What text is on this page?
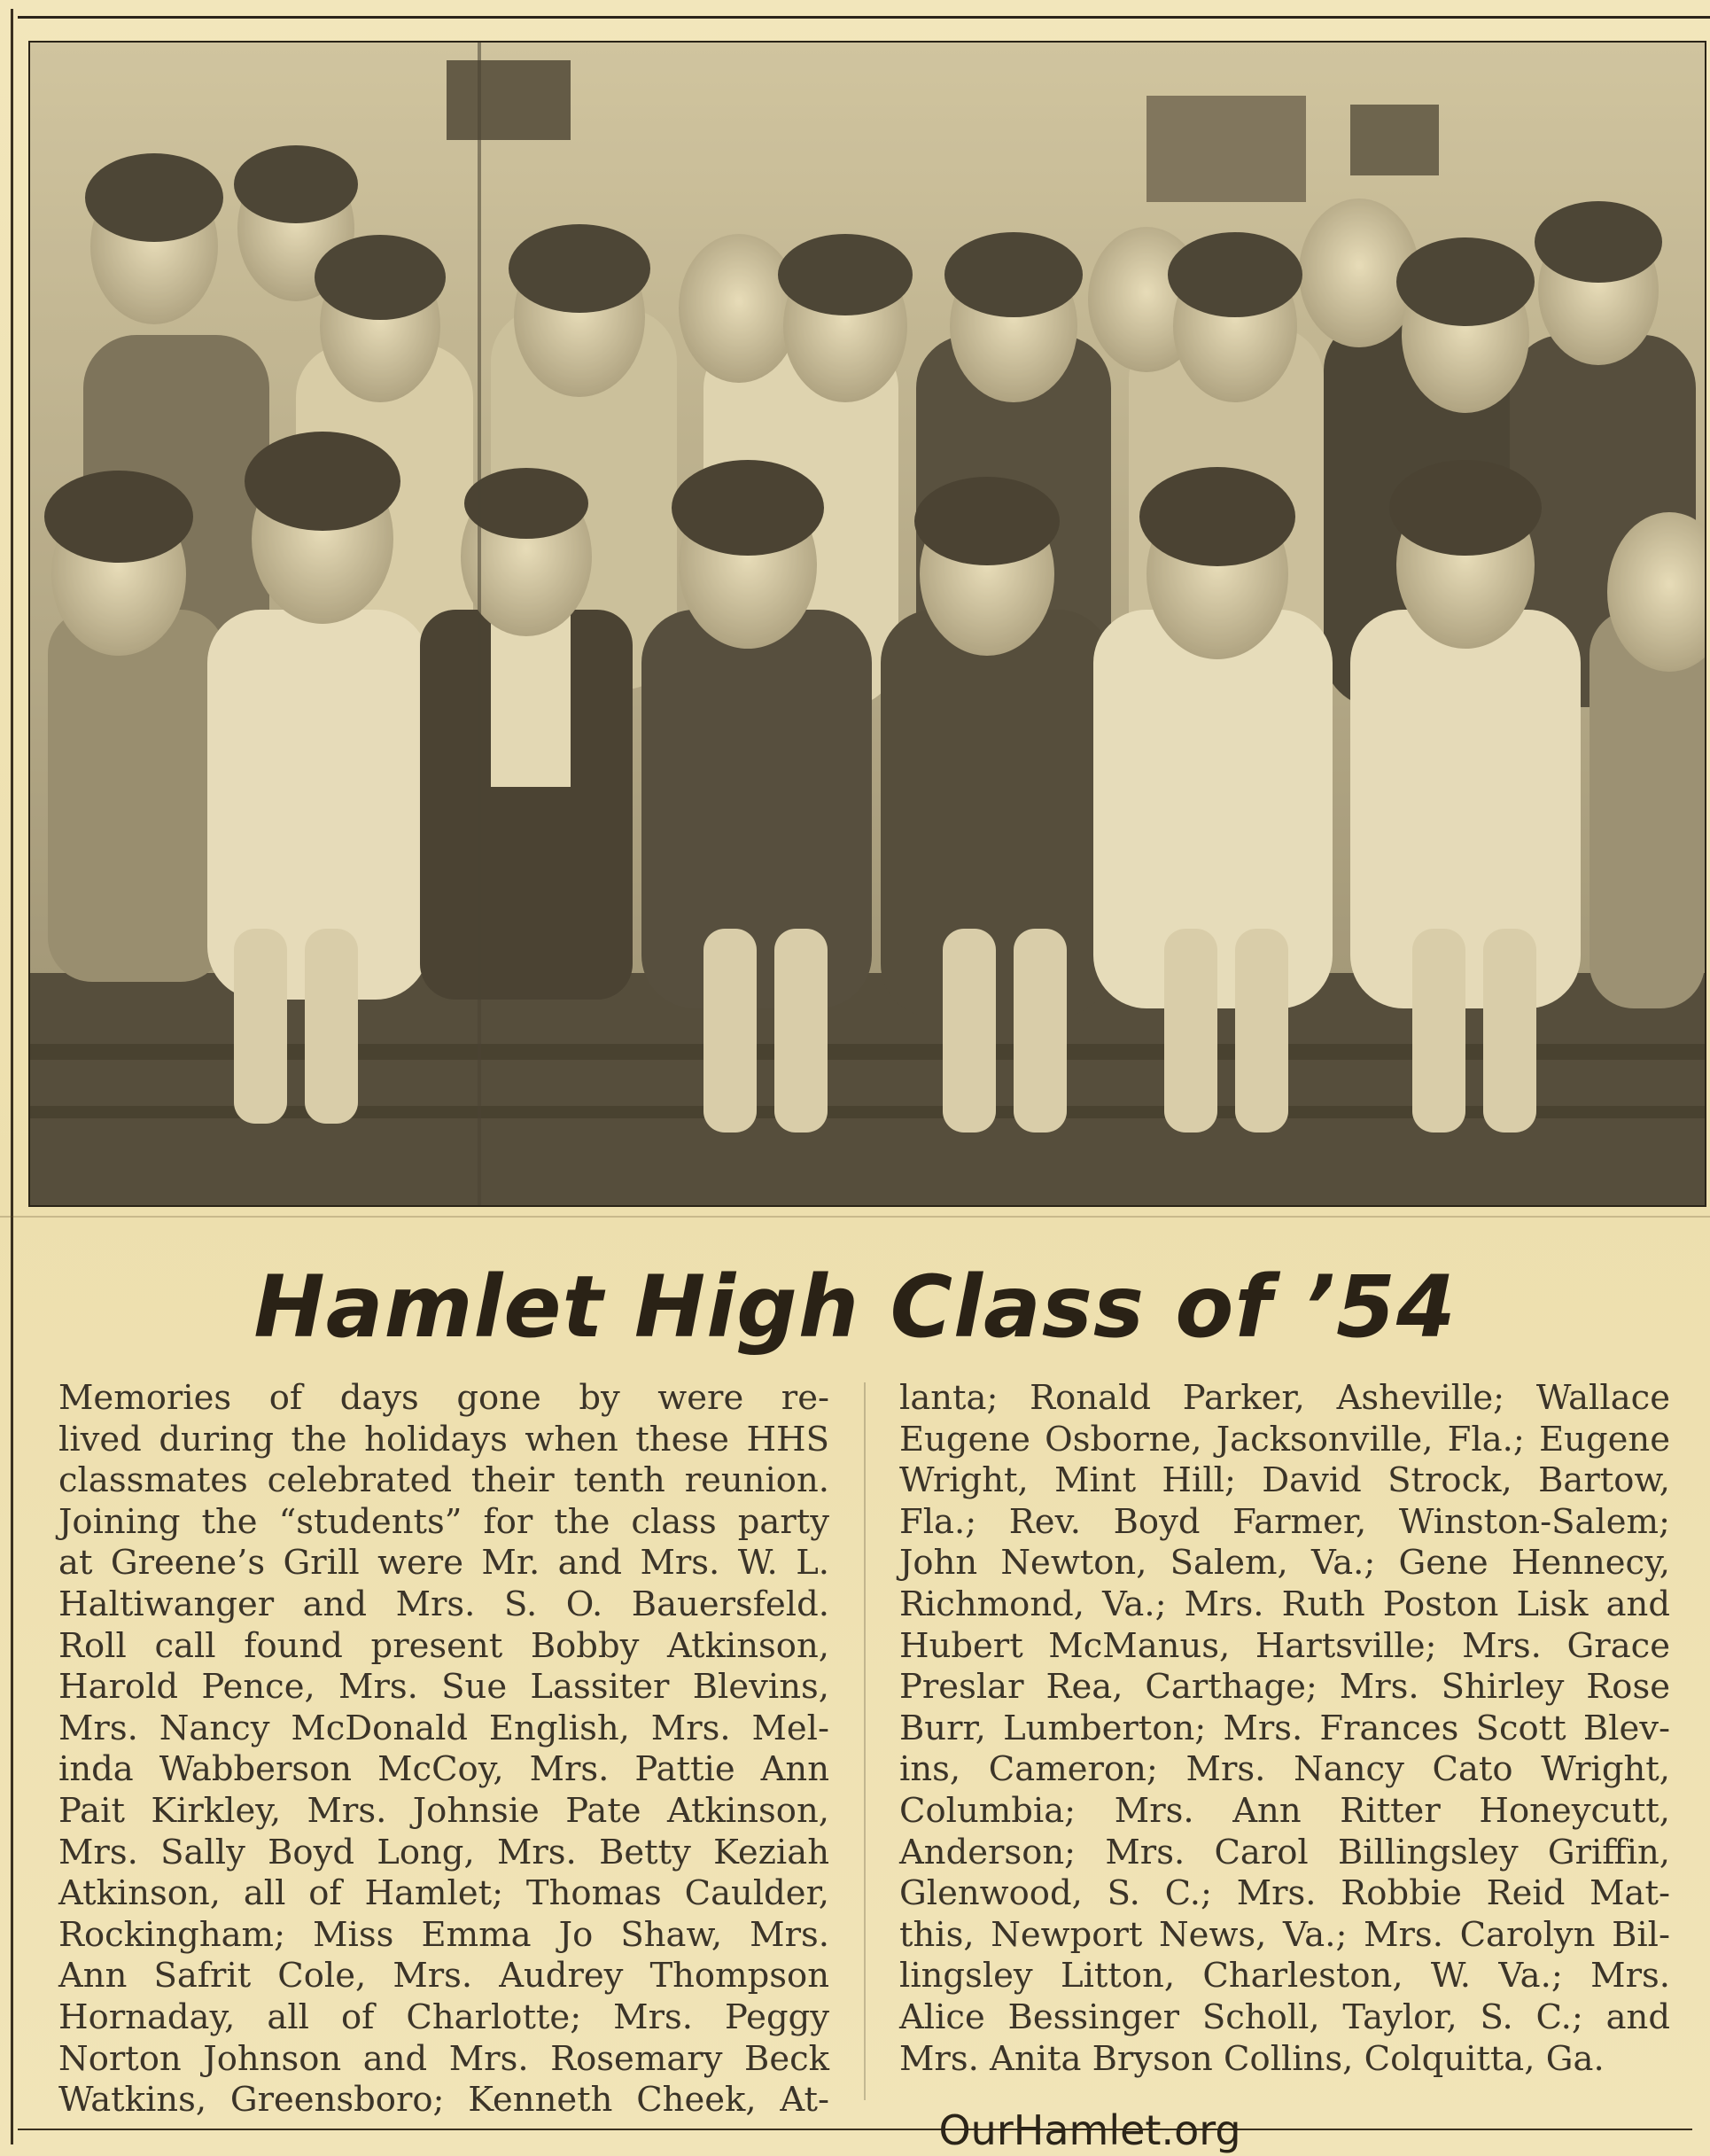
Hamlet High Class of ’54
Memories of days gone by were re-
lived during the holidays when these HHS
classmates celebrated their tenth reunion.
Joining the “students” for the class party
at Greene’s Grill were Mr. and Mrs. W. L.
Haltiwanger and Mrs. S. O. Bauersfeld.
Roll call found present Bobby Atkinson,
Harold Pence, Mrs. Sue Lassiter Blevins,
Mrs. Nancy McDonald English, Mrs. Mel-
inda Wabberson McCoy, Mrs. Pattie Ann
Pait Kirkley, Mrs. Johnsie Pate Atkinson,
Mrs. Sally Boyd Long, Mrs. Betty Keziah
Atkinson, all of Hamlet; Thomas Caulder,
Rockingham; Miss Emma Jo Shaw, Mrs.
Ann Safrit Cole, Mrs. Audrey Thompson
Hornaday, all of Charlotte; Mrs. Peggy
Norton Johnson and Mrs. Rosemary Beck
Watkins, Greensboro; Kenneth Cheek, At-
lanta; Ronald Parker, Asheville; Wallace
Eugene Osborne, Jacksonville, Fla.; Eugene
Wright, Mint Hill; David Strock, Bartow,
Fla.; Rev. Boyd Farmer, Winston-Salem;
John Newton, Salem, Va.; Gene Hennecy,
Richmond, Va.; Mrs. Ruth Poston Lisk and
Hubert McManus, Hartsville; Mrs. Grace
Preslar Rea, Carthage; Mrs. Shirley Rose
Burr, Lumberton; Mrs. Frances Scott Blev-
ins, Cameron; Mrs. Nancy Cato Wright,
Columbia; Mrs. Ann Ritter Honeycutt,
Anderson; Mrs. Carol Billingsley Griffin,
Glenwood, S. C.; Mrs. Robbie Reid Mat-
this, Newport News, Va.; Mrs. Carolyn Bil-
lingsley Litton, Charleston, W. Va.; Mrs.
Alice Bessinger Scholl, Taylor, S. C.; and
Mrs. Anita Bryson Collins, Colquitta, Ga.
OurHamlet.org
